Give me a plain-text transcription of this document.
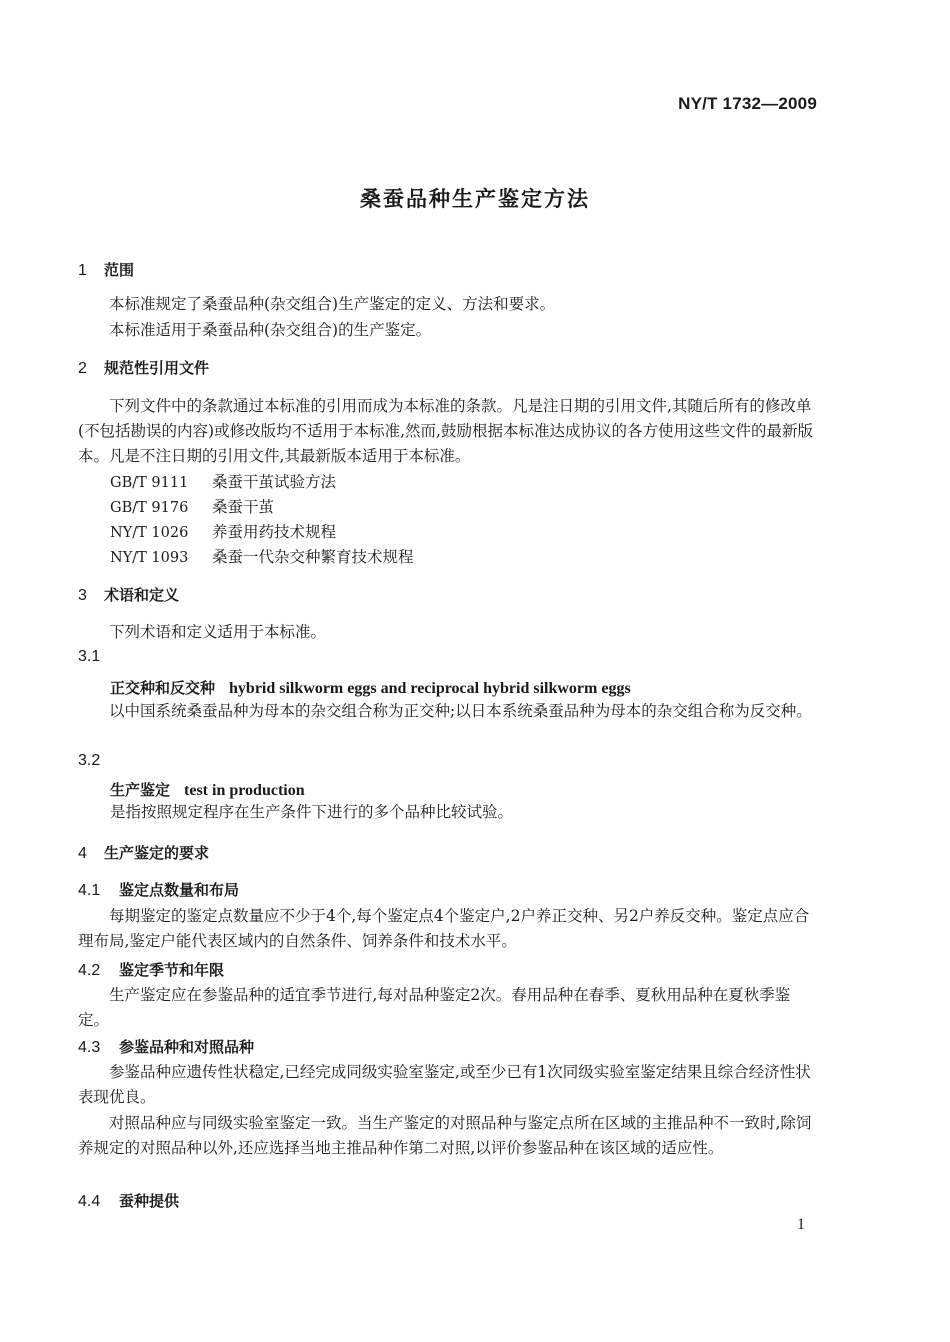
NY/T 1732—2009
桑蚕品种生产鉴定方法
1 范围
本标准规定了桑蚕品种(杂交组合)生产鉴定的定义、方法和要求。
本标准适用于桑蚕品种(杂交组合)的生产鉴定。
2 规范性引用文件
下列文件中的条款通过本标准的引用而成为本标准的条款。凡是注日期的引用文件,其随后所有的修改单(不包括勘误的内容)或修改版均不适用于本标准,然而,鼓励根据本标准达成协议的各方使用这些文件的最新版本。凡是不注日期的引用文件,其最新版本适用于本标准。
GB/T 9111 桑蚕干茧试验方法
GB/T 9176 桑蚕干茧
NY/T 1026 养蚕用药技术规程
NY/T 1093 桑蚕一代杂交种繁育技术规程
3 术语和定义
下列术语和定义适用于本标准。
3.1
正交种和反交种 hybrid silkworm eggs and reciprocal hybrid silkworm eggs
以中国系统桑蚕品种为母本的杂交组合称为正交种;以日本系统桑蚕品种为母本的杂交组合称为反交种。
3.2
生产鉴定 test in production
是指按照规定程序在生产条件下进行的多个品种比较试验。
4 生产鉴定的要求
4.1 鉴定点数量和布局
每期鉴定的鉴定点数量应不少于4个,每个鉴定点4个鉴定户,2户养正交种、另2户养反交种。鉴定点应合理布局,鉴定户能代表区域内的自然条件、饲养条件和技术水平。
4.2 鉴定季节和年限
生产鉴定应在参鉴品种的适宜季节进行,每对品种鉴定2次。春用品种在春季、夏秋用品种在夏秋季鉴定。
4.3 参鉴品种和对照品种
参鉴品种应遗传性状稳定,已经完成同级实验室鉴定,或至少已有1次同级实验室鉴定结果且综合经济性状表现优良。
对照品种应与同级实验室鉴定一致。当生产鉴定的对照品种与鉴定点所在区域的主推品种不一致时,除饲养规定的对照品种以外,还应选择当地主推品种作第二对照,以评价参鉴品种在该区域的适应性。
4.4 蚕种提供
1
